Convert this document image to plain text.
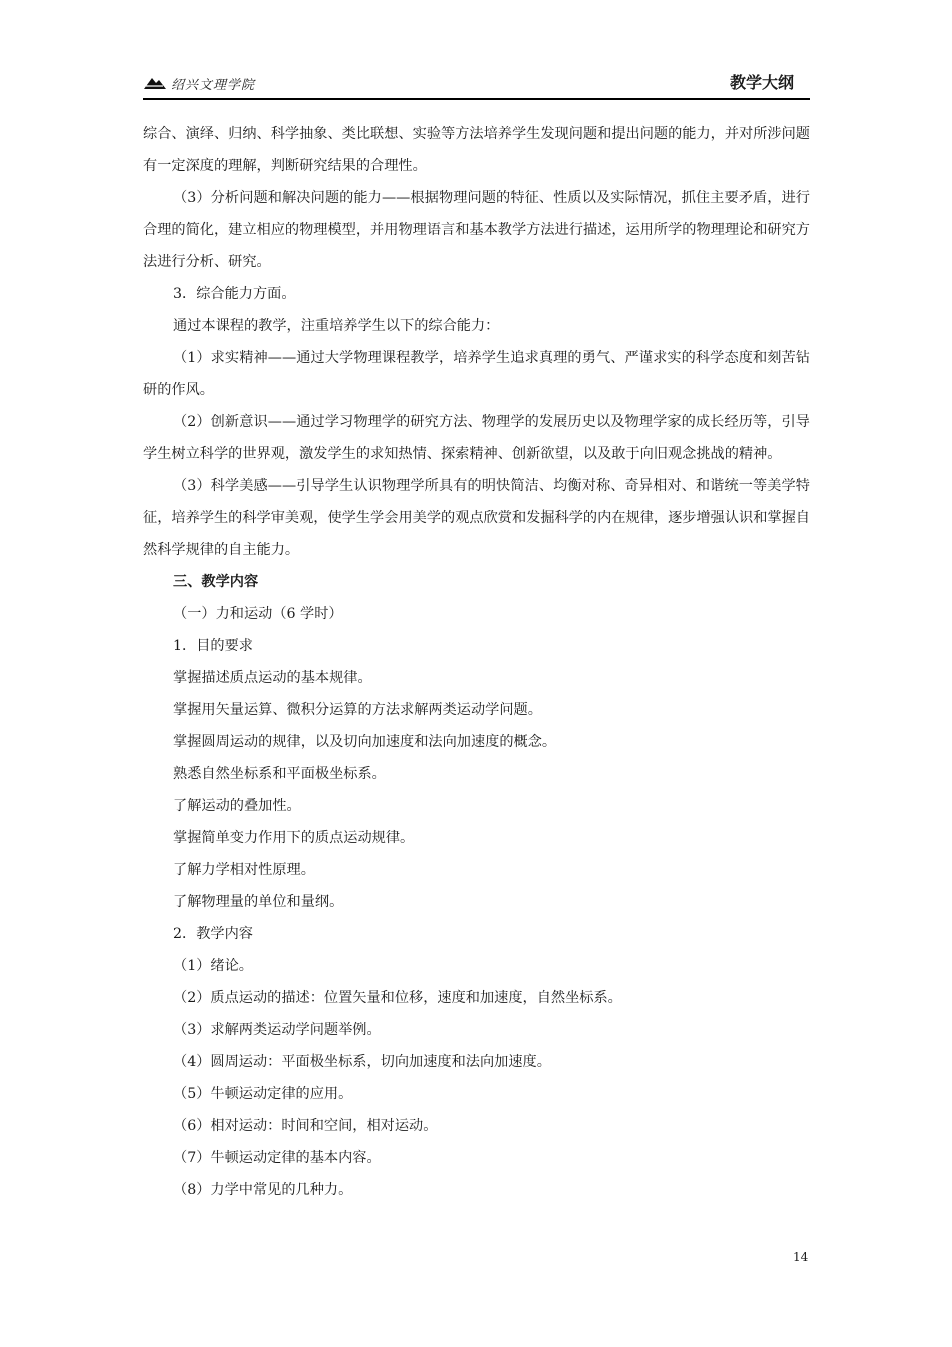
绍兴文理学院	教学大纲

综合、演绎、归纳、科学抽象、类比联想、实验等方法培养学生发现问题和提出问题的能力，并对所涉问题有一定深度的理解，判断研究结果的合理性。

（3）分析问题和解决问题的能力——根据物理问题的特征、性质以及实际情况，抓住主要矛盾，进行合理的简化，建立相应的物理模型，并用物理语言和基本教学方法进行描述，运用所学的物理理论和研究方法进行分析、研究。

3．综合能力方面。

通过本课程的教学，注重培养学生以下的综合能力：

（1）求实精神——通过大学物理课程教学，培养学生追求真理的勇气、严谨求实的科学态度和刻苦钻研的作风。

（2）创新意识——通过学习物理学的研究方法、物理学的发展历史以及物理学家的成长经历等，引导学生树立科学的世界观，激发学生的求知热情、探索精神、创新欲望，以及敢于向旧观念挑战的精神。

（3）科学美感——引导学生认识物理学所具有的明快简洁、均衡对称、奇异相对、和谐统一等美学特征，培养学生的科学审美观，使学生学会用美学的观点欣赏和发掘科学的内在规律，逐步增强认识和掌握自然科学规律的自主能力。

三、教学内容

（一）力和运动（6 学时）

1．目的要求

掌握描述质点运动的基本规律。

掌握用矢量运算、微积分运算的方法求解两类运动学问题。

掌握圆周运动的规律，以及切向加速度和法向加速度的概念。

熟悉自然坐标系和平面极坐标系。

了解运动的叠加性。

掌握简单变力作用下的质点运动规律。

了解力学相对性原理。

了解物理量的单位和量纲。

2．教学内容

（1）绪论。

（2）质点运动的描述：位置矢量和位移，速度和加速度，自然坐标系。

（3）求解两类运动学问题举例。

（4）圆周运动：平面极坐标系，切向加速度和法向加速度。

（5）牛顿运动定律的应用。

（6）相对运动：时间和空间，相对运动。

（7）牛顿运动定律的基本内容。

（8）力学中常见的几种力。

14
